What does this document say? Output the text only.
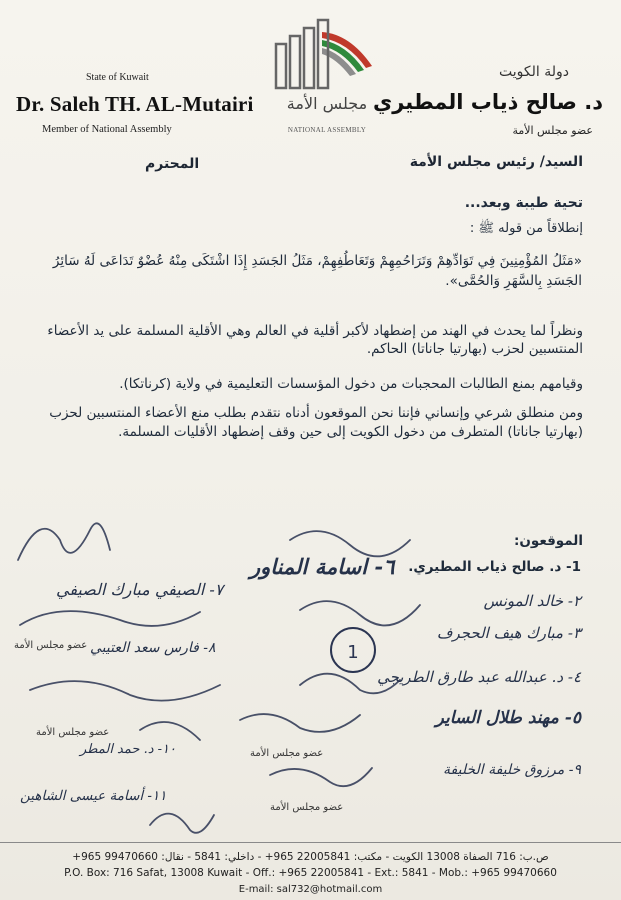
State of Kuwait
Dr. Saleh TH. AL-Mutairi
Member of National Assembly
مجلس الأمة
NATIONAL ASSEMBLY
دولة الكويت
د. صالح ذياب المطيري
عضو مجلس الأمة
المحترم	السيد/ رئيس مجلس الأمة
تحية طيبة وبعد...
إنطلاقاً من قوله ﷺ :
«مَثَلُ المُؤْمِنِينَ فِي تَوَادِّهِمْ وَتَرَاحُمِهِمْ وَتَعَاطُفِهِمْ، مَثَلُ الجَسَدِ إِذَا اشْتَكَى مِنْهُ عُضْوٌ تَدَاعَى لَهُ سَائِرُ الجَسَدِ بِالسَّهَرِ وَالحُمَّى».
ونظراً لما يحدث في الهند من إضطهاد لأكبر أقلية في العالم وهي الأقلية المسلمة على يد الأعضاء المنتسبين لحزب (بهارتيا جاناتا) الحاكم.
وقيامهم بمنع الطالبات المحجبات من دخول المؤسسات التعليمية في ولاية (كرناتكا).
ومن منطلق شرعي وإنساني فإننا نحن الموقعون أدناه نتقدم بطلب منع الأعضاء المنتسبين لحزب (بهارتيا جاناتا) المتطرف من دخول الكويت إلى حين وقف إضطهاد الأقليات المسلمة.
الموقعون:
1- د. صالح ذياب المطيري.
٢- خالد المونس
٣- مبارك هيف الحجرف
٤- د. عبدالله عبد طارق الطريجي
٥- مهند طلال الساير
٦- اسامة المناور
٧- الصيفي مبارك الصيفي
٨- فارس سعد العتيبي
٩- مرزوق خليفة الخليفة
١٠- د. حمد المطر
١١- أسامة عيسى الشاهين
عضو مجلس الأمة
عضو مجلس الأمة
عضو مجلس الأمة
عضو مجلس الأمة
1
ص.ب: 716 الصفاة 13008 الكويت - مكتب: 22005841 965+ - داخلي: 5841 - نقال: 99470660 965+
P.O. Box: 716 Safat, 13008 Kuwait - Off.: +965 22005841 - Ext.: 5841 - Mob.: +965 99470660
E-mail: sal732@hotmail.com
